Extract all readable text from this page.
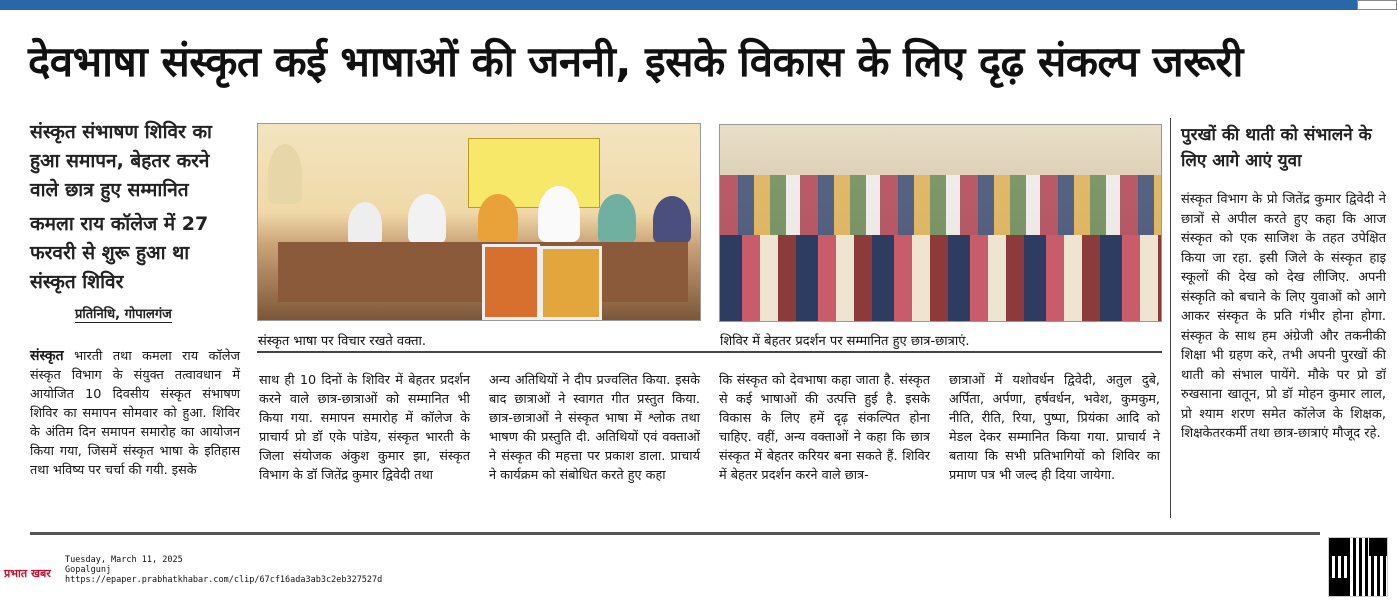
देवभाषा संस्कृत कई भाषाओं की जननी, इसके विकास के लिए दृढ़ संकल्प जरूरी
संस्कृत संभाषण शिविर का हुआ समापन, बेहतर करने वाले छात्र हुए सम्मानित
कमला राय कॉलेज में 27 फरवरी से शुरू हुआ था संस्कृत शिविर
प्रतिनिधि, गोपालगंज
संस्कृत भाषा पर विचार रखते वक्ता.	शिविर में बेहतर प्रदर्शन पर सम्मानित हुए छात्र-छात्राएं.
संस्कृत भारती तथा कमला राय कॉलेज संस्कृत विभाग के संयुक्त तत्वावधान में आयोजित 10 दिवसीय संस्कृत संभाषण शिविर का समापन सोमवार को हुआ. शिविर के अंतिम दिन समापन समारोह का आयोजन किया गया, जिसमें संस्कृत भाषा के इतिहास तथा भविष्य पर चर्चा की गयी. इसके
साथ ही 10 दिनों के शिविर में बेहतर प्रदर्शन करने वाले छात्र-छात्राओं को सम्मानित भी किया गया. समापन समारोह में कॉलेज के प्राचार्य प्रो डॉ एके पांडेय, संस्कृत भारती के जिला संयोजक अंकुश कुमार झा, संस्कृत विभाग के डॉ जितेंद्र कुमार द्विवेदी तथा
अन्य अतिथियों ने दीप प्रज्वलित किया. इसके बाद छात्राओं ने स्वागत गीत प्रस्तुत किया. छात्र-छात्राओं ने संस्कृत भाषा में श्लोक तथा भाषण की प्रस्तुति दी. अतिथियों एवं वक्ताओं ने संस्कृत की महत्ता पर प्रकाश डाला. प्राचार्य ने कार्यक्रम को संबोधित करते हुए कहा
कि संस्कृत को देवभाषा कहा जाता है. संस्कृत से कई भाषाओं की उत्पत्ति हुई है. इसके विकास के लिए हमें दृढ़ संकल्पित होना चाहिए. वहीं, अन्य वक्ताओं ने कहा कि छात्र संस्कृत में बेहतर करियर बना सकते हैं. शिविर में बेहतर प्रदर्शन करने वाले छात्र-
छात्राओं में यशोवर्धन द्विवेदी, अतुल दुबे, अर्पिता, अर्पणा, हर्षवर्धन, भवेश, कुमकुम, नीति, रीति, रिया, पुष्पा, प्रियंका आदि को मेडल देकर सम्मानित किया गया. प्राचार्य ने बताया कि सभी प्रतिभागियों को शिविर का प्रमाण पत्र भी जल्द ही दिया जायेगा.
पुरखों की थाती को संभालने के लिए आगे आएं युवा
संस्कृत विभाग के प्रो जितेंद्र कुमार द्विवेदी ने छात्रों से अपील करते हुए कहा कि आज संस्कृत को एक साजिश के तहत उपेक्षित किया जा रहा. इसी जिले के संस्कृत हाइ स्कूलों की देख को देख लीजिए. अपनी संस्कृति को बचाने के लिए युवाओं को आगे आकर संस्कृत के प्रति गंभीर होना होगा. संस्कृत के साथ हम अंग्रेजी और तकनीकी शिक्षा भी ग्रहण करे, तभी अपनी पुरखों की थाती को संभाल पायेंगे. मौके पर प्रो डॉ रुखसाना खातून, प्रो डॉ मोहन कुमार लाल, प्रो श्याम शरण समेत कॉलेज के शिक्षक, शिक्षकेतरकर्मी तथा छात्र-छात्राएं मौजूद रहे.
प्रभात खबर
Tuesday, March 11, 2025
Gopalgunj
https://epaper.prabhatkhabar.com/clip/67cf16ada3ab3c2eb327527d
